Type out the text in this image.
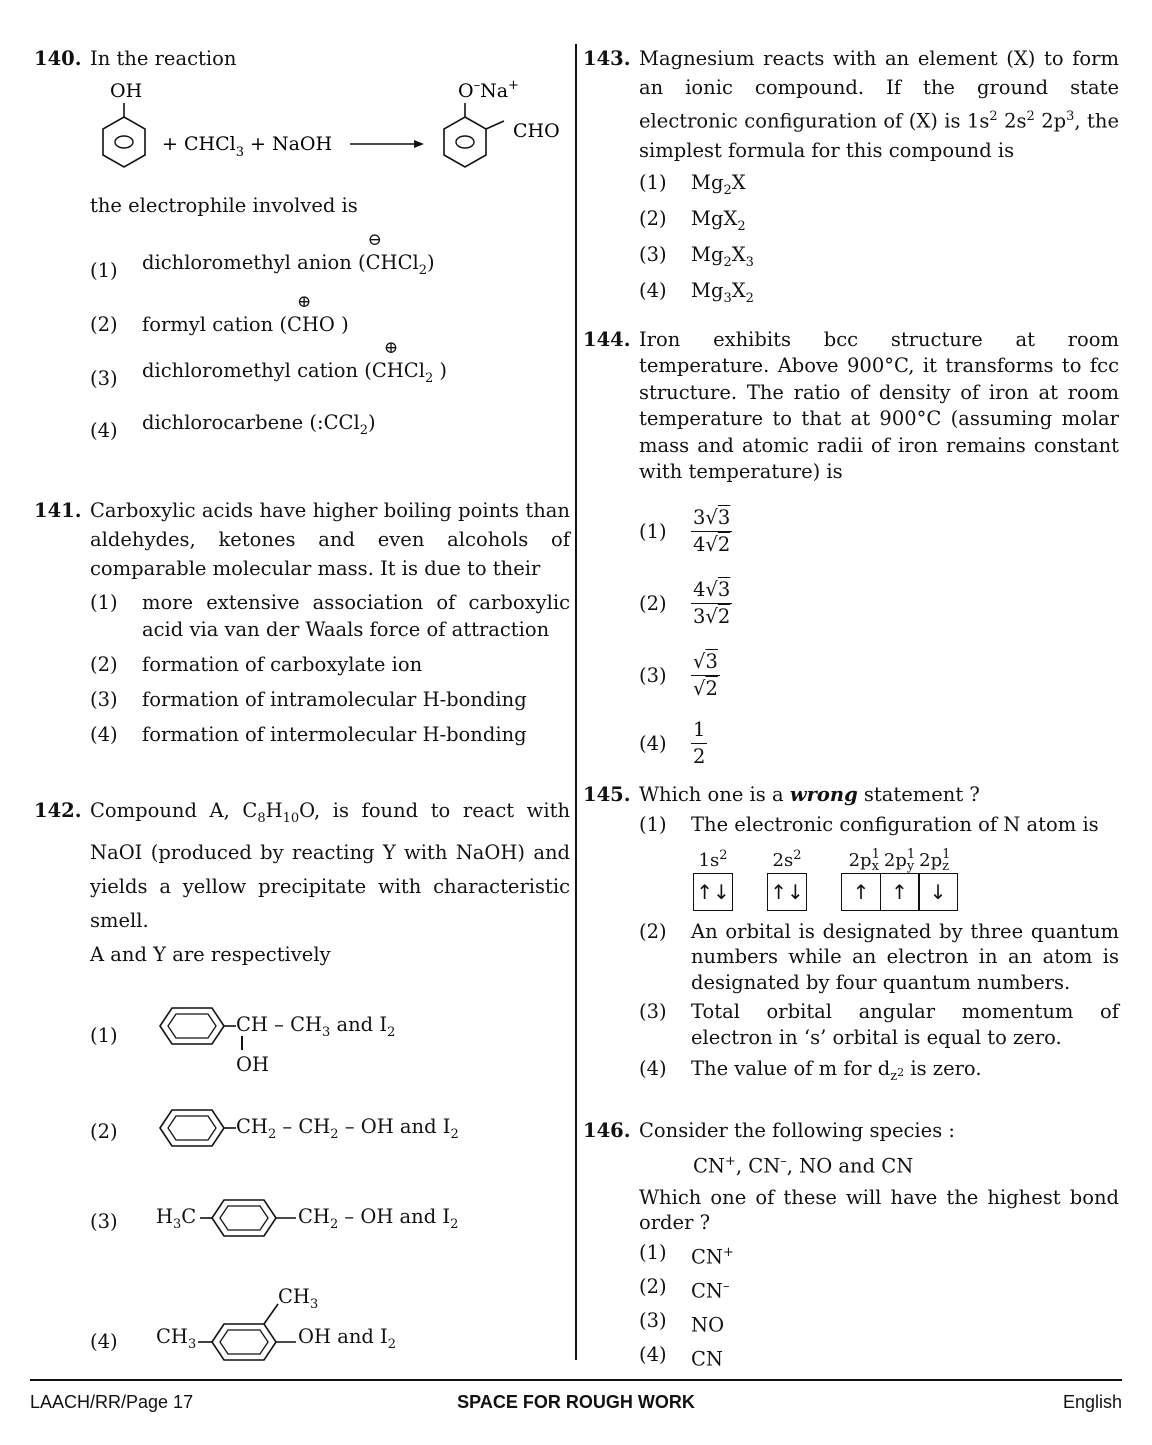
140. In the reaction
OH
+ CHCl$_3$ + NaOH
O–Na+
CHO
the electrophile involved is
(1)	dichloromethyl anion (
⊖
CHCl$_2$)
(2)	formyl cation (
⊕
CHO )
(3)	dichloromethyl cation (
⊕
CHCl$_2$ )
(4)	dichlorocarbene (:CCl$_2$)
141. Carboxylic acids have higher boiling points than aldehydes, ketones and even alcohols of comparable molecular mass. It is due to their
(1)	more extensive association of carboxylic acid via van der Waals force of attraction
(2)	formation of carboxylate ion
(3)	formation of intramolecular H-bonding
(4)	formation of intermolecular H-bonding
142. Compound A, $C_8H_{10}O$, is found to react with NaOI (produced by reacting Y with NaOH) and yields a yellow precipitate with characteristic smell.
A and Y are respectively
(1)	CH – $CH_3$ and $I_2$
OH
(2)	$CH_2 - CH_2$ – OH and $I_2$
(3)	$H_3C$	$CH_2$ – OH and $I_2$
(4)	$CH_3$
$CH_3$
OH and $I_2$
143. Magnesium reacts with an element (X) to form an ionic compound. If the ground state electronic configuration of (X) is $1s^2$ $2s^2$ $2p^3$, the simplest formula for this compound is
(1)	$Mg_2X$
(2)	MgX$_2$
(3)	$Mg_2X_3$
(4)	$Mg_3X_2$
144. Iron exhibits bcc structure at room temperature. Above 900°C, it transforms to fcc structure. The ratio of density of iron at room temperature to that at 900°C (assuming molar mass and atomic radii of iron remains constant with temperature) is
(1)	$\frac{3√3}{4√2}$
(2)	$\frac{4√3}{3√2}$
(3)	$\frac{√3}{√2}$
(4)	$\frac{1}{2}$
145. Which one is a wrong statement ?
(1)	The electronic configuration of N atom is
$1s^2$
↑ ↓
$2s^2$
↑ ↓
2p 1
x 2p 1
y 2p 1
z
↑	↑	↓
(2)	An orbital is designated by three quantum numbers while an electron in an atom is designated by four quantum numbers.
(3)	Total orbital angular momentum of electron in ‘s’ orbital is equal to zero.
(4)	The value of m for $d_{z^2}$ is zero.
146. Consider the following species :
CN+, CN–, NO and CN
Which one of these will have the highest bond order ?
(1)	CN+
(2)	CN–
(3)	NO
(4)	CN
LAACH/RR/Page 17	SPACE FOR ROUGH WORK	English
